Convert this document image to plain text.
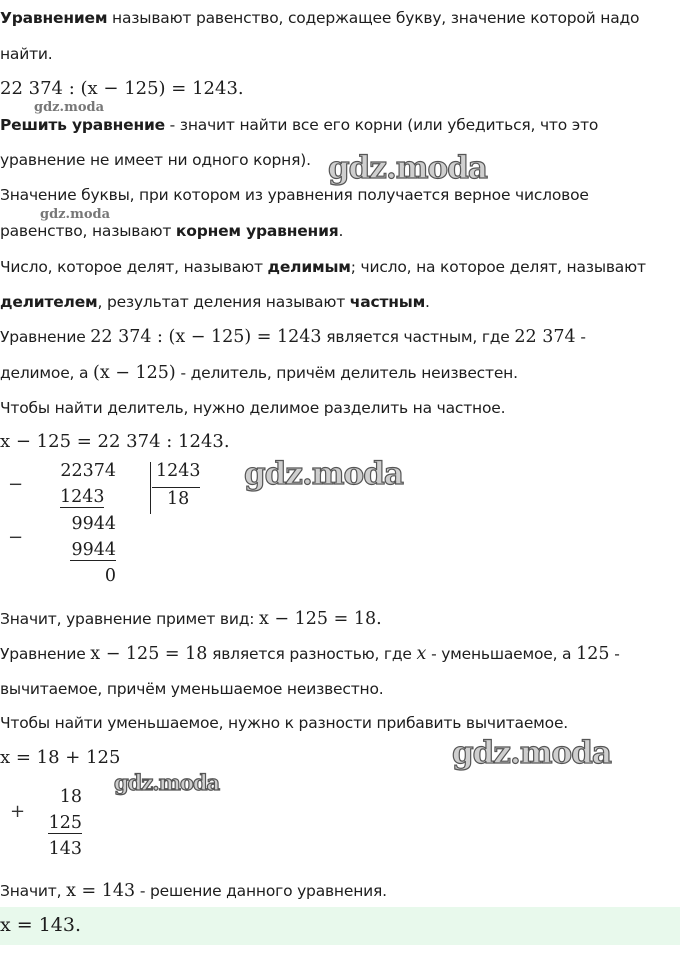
Уравнением называют равенство, содержащее букву, значение которой надо
найти.
22 374 : (x − 125) = 1243.
Решить уравнение - значит найти все его корни (или убедиться, что это
уравнение не имеет ни одного корня).
Значение буквы, при котором из уравнения получается верное числовое
равенство, называют корнем уравнения.
Число, которое делят, называют делимым; число, на которое делят, называют
делителем, результат деления называют частным.
Уравнение 22 374 : (x − 125) = 1243 является частным, где 22 374 -
делимое, а (x − 125) - делитель, причём делитель неизвестен.
Чтобы найти делитель, нужно делимое разделить на частное.
x − 125 = 22 374 : 1243.
−
22374
1243
9944
−
9944
0
1243
18
Значит, уравнение примет вид: x − 125 = 18.
Уравнение x − 125 = 18 является разностью, где x - уменьшаемое, а 125 -
вычитаемое, причём уменьшаемое неизвестно.
Чтобы найти уменьшаемое, нужно к разности прибавить вычитаемое.
x = 18 + 125
+
18
125
143
Значит, x = 143 - решение данного уравнения.
x = 143.
gdz.moda
gdz.moda
gdz.moda
gdz.moda
gdz.moda
gdz.moda
